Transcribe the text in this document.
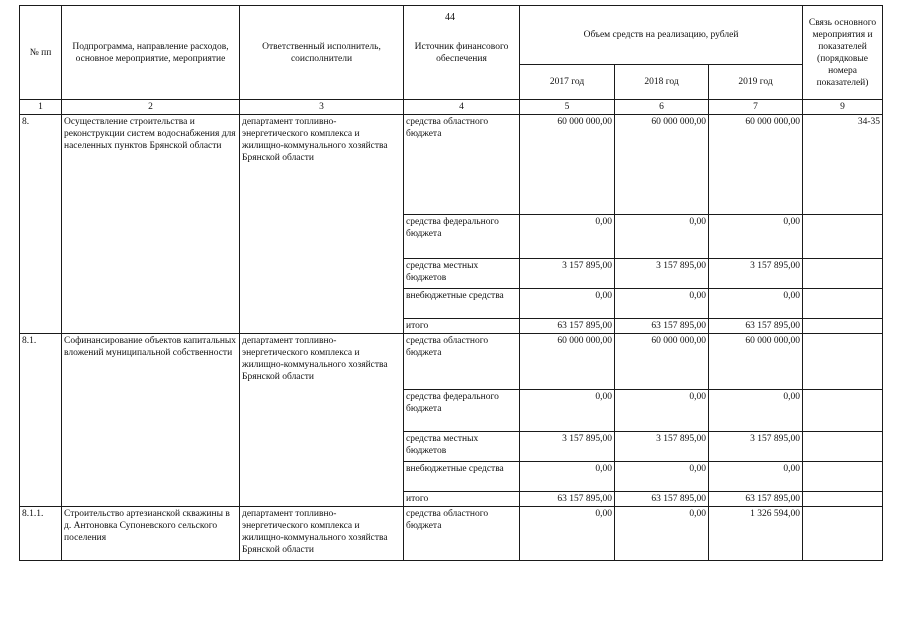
44
№ пп	Подпрограмма, направление расходов, основное мероприятие, мероприятие	Ответственный исполнитель, соисполнители	Источник финансового обеспечения	Объем средств на реализацию, рублей			Связь основного мероприятия и показателей (порядковые номера показателей)
				2017 год	2018 год	2019 год	
1	2	3	4	5	6	7	9
8.	Осуществление строительства и реконструкции систем водоснабжения для населенных пунктов Брянской области	департамент топливно-энергетического комплекса и жилищно-коммунального хозяйства Брянской области	средства областного бюджета	60 000 000,00	60 000 000,00	60 000 000,00	34-35
			средства федерального бюджета	0,00	0,00	0,00	
			средства местных бюджетов	3 157 895,00	3 157 895,00	3 157 895,00	
			внебюджетные средства	0,00	0,00	0,00	
			итого	63 157 895,00	63 157 895,00	63 157 895,00	
8.1.	Софинансирование объектов капитальных вложений муниципальной собственности	департамент топливно-энергетического комплекса и жилищно-коммунального хозяйства Брянской области	средства областного бюджета	60 000 000,00	60 000 000,00	60 000 000,00	
			средства федерального бюджета	0,00	0,00	0,00	
			средства местных бюджетов	3 157 895,00	3 157 895,00	3 157 895,00	
			внебюджетные средства	0,00	0,00	0,00	
			итого	63 157 895,00	63 157 895,00	63 157 895,00	
8.1.1.	Строительство артезианской скважины в д. Антоновка Супоневского сельского поселения	департамент топливно-энергетического комплекса и жилищно-коммунального хозяйства Брянской области	средства областного бюджета	0,00	0,00	1 326 594,00	
